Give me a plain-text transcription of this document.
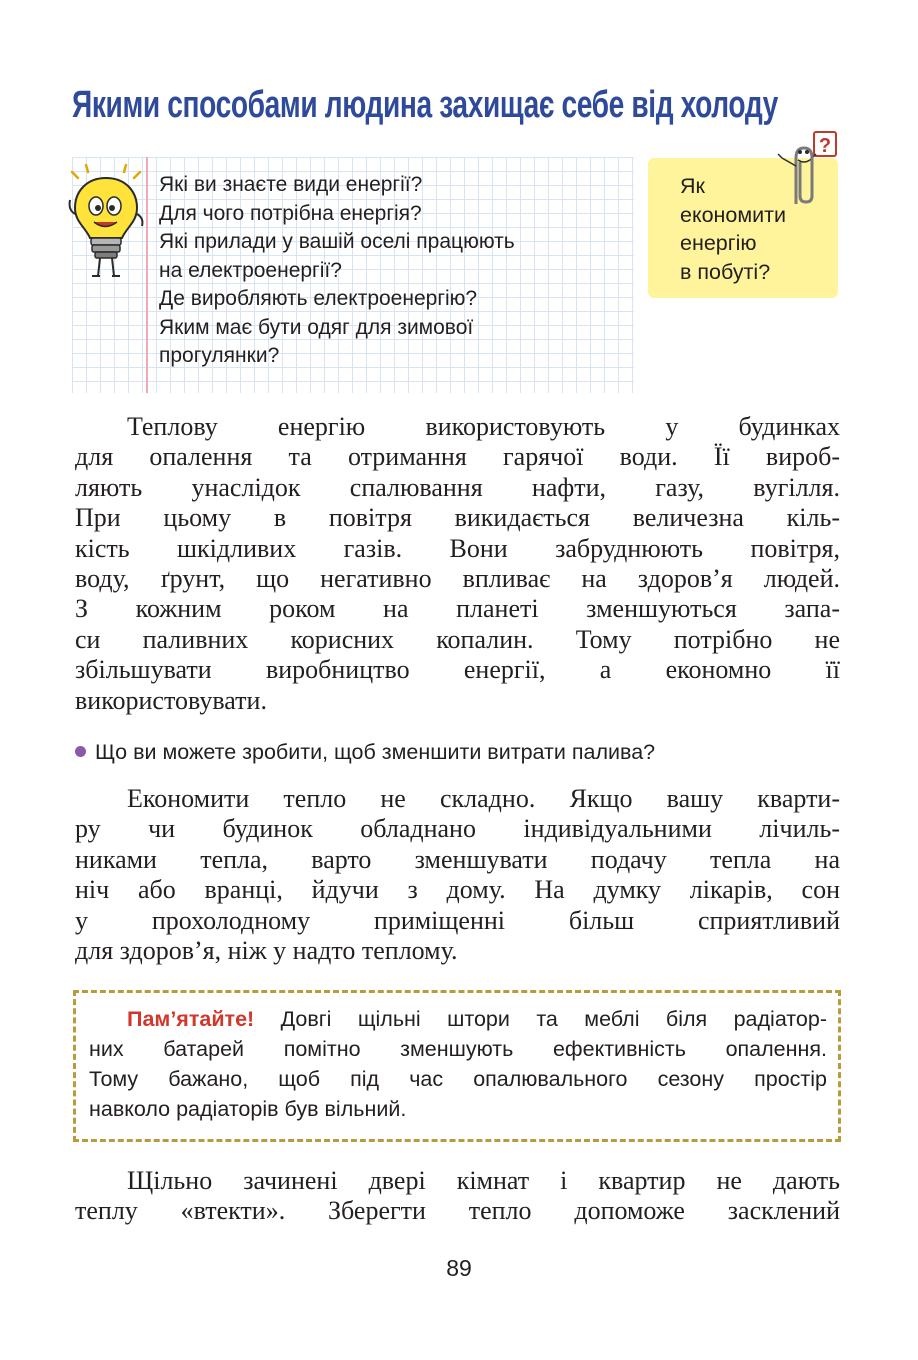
Якими способами людина захищає себе від холоду
Які ви знаєте види енергії?
Для чого потрібна енергія?
Які прилади у вашій оселі працюють
на електроенергії?
Де виробляють електроенергію?
Яким має бути одяг для зимової
прогулянки?
Як
економити
енергію
в побуті?
?
Теплову енергію використовують у будинках
для опалення та отримання гарячої води. Її вироб-
ляють унаслідок спалювання нафти, газу, вугілля.
При цьому в повітря викидається величезна кіль-
кість шкідливих газів. Вони забруднюють повітря,
воду, ґрунт, що негативно впливає на здоров’я людей.
З кожним роком на планеті зменшуються запа-
си паливних корисних копалин. Тому потрібно не
збільшувати виробництво енергії, а економно її
використовувати.
Що ви можете зробити, щоб зменшити витрати палива?
Економити тепло не складно. Якщо вашу кварти-
ру чи будинок обладнано індивідуальними лічиль-
никами тепла, варто зменшувати подачу тепла на
ніч або вранці, йдучи з дому. На думку лікарів, сон
у прохолодному приміщенні більш сприятливий
для здоров’я, ніж у надто теплому.
Пам’ятайте! Довгі щільні штори та меблі біля радіатор-
них батарей помітно зменшують ефективність опалення.
Тому бажано, щоб під час опалювального сезону простір
навколо радіаторів був вільний.
Щільно зачинені двері кімнат і квартир не дають
теплу «втекти». Зберегти тепло допоможе засклений
89
